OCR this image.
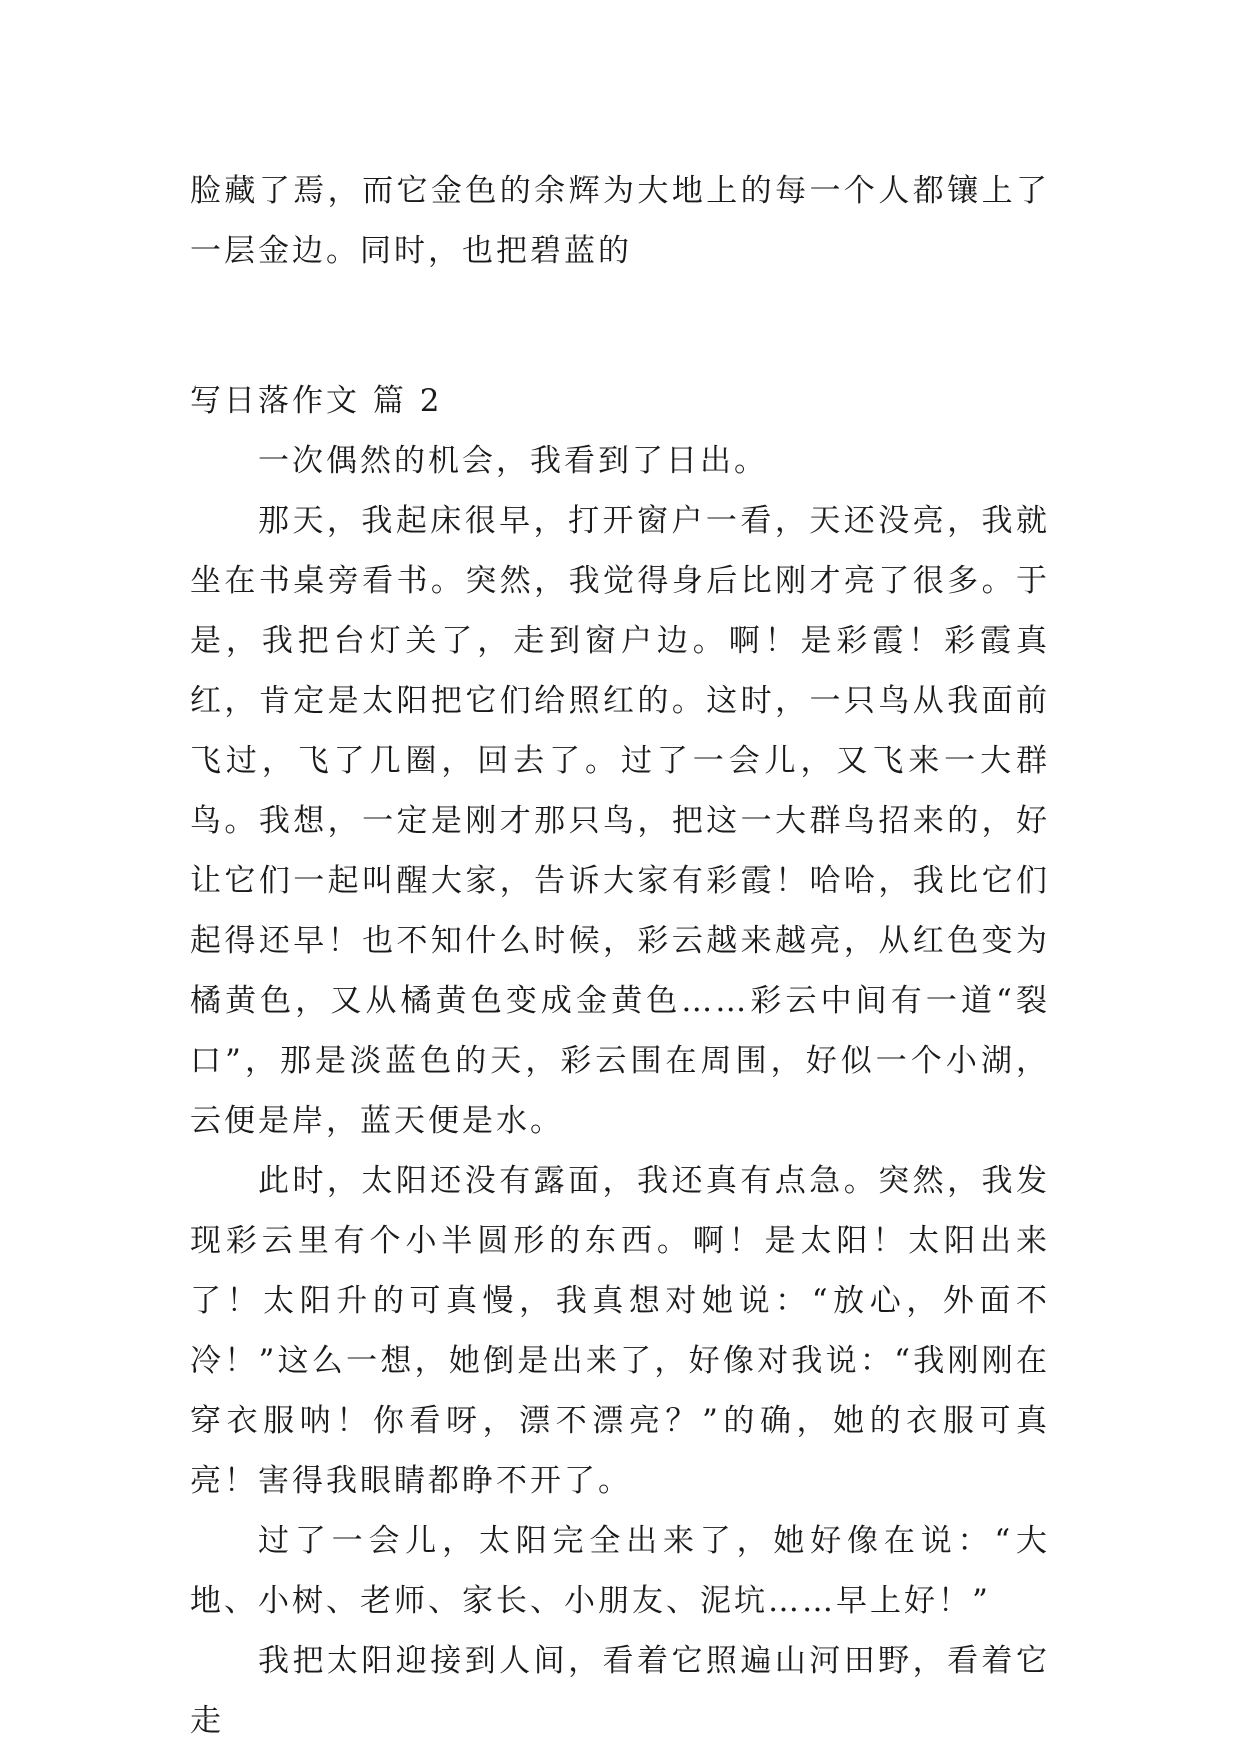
脸藏了焉，而它金色的余辉为大地上的每一个人都镶上了一层金边。同时，也把碧蓝的

写日落作文 篇 2

一次偶然的机会，我看到了日出。

那天，我起床很早，打开窗户一看，天还没亮，我就坐在书桌旁看书。突然，我觉得身后比刚才亮了很多。于是，我把台灯关了，走到窗户边。啊！是彩霞！彩霞真红，肯定是太阳把它们给照红的。这时，一只鸟从我面前飞过，飞了几圈，回去了。过了一会儿，又飞来一大群鸟。我想，一定是刚才那只鸟，把这一大群鸟招来的，好让它们一起叫醒大家，告诉大家有彩霞！哈哈，我比它们起得还早！也不知什么时候，彩云越来越亮，从红色变为橘黄色，又从橘黄色变成金黄色……彩云中间有一道“裂口”，那是淡蓝色的天，彩云围在周围，好似一个小湖，云便是岸，蓝天便是水。

此时，太阳还没有露面，我还真有点急。突然，我发现彩云里有个小半圆形的东西。啊！是太阳！太阳出来了！太阳升的可真慢，我真想对她说：“放心，外面不冷！”这么一想，她倒是出来了，好像对我说：“我刚刚在穿衣服呐！你看呀，漂不漂亮？”的确，她的衣服可真亮！害得我眼睛都睁不开了。

过了一会儿，太阳完全出来了，她好像在说：“大地、小树、老师、家长、小朋友、泥坑……早上好！”

我把太阳迎接到人间，看着它照遍山河田野，看着它走
